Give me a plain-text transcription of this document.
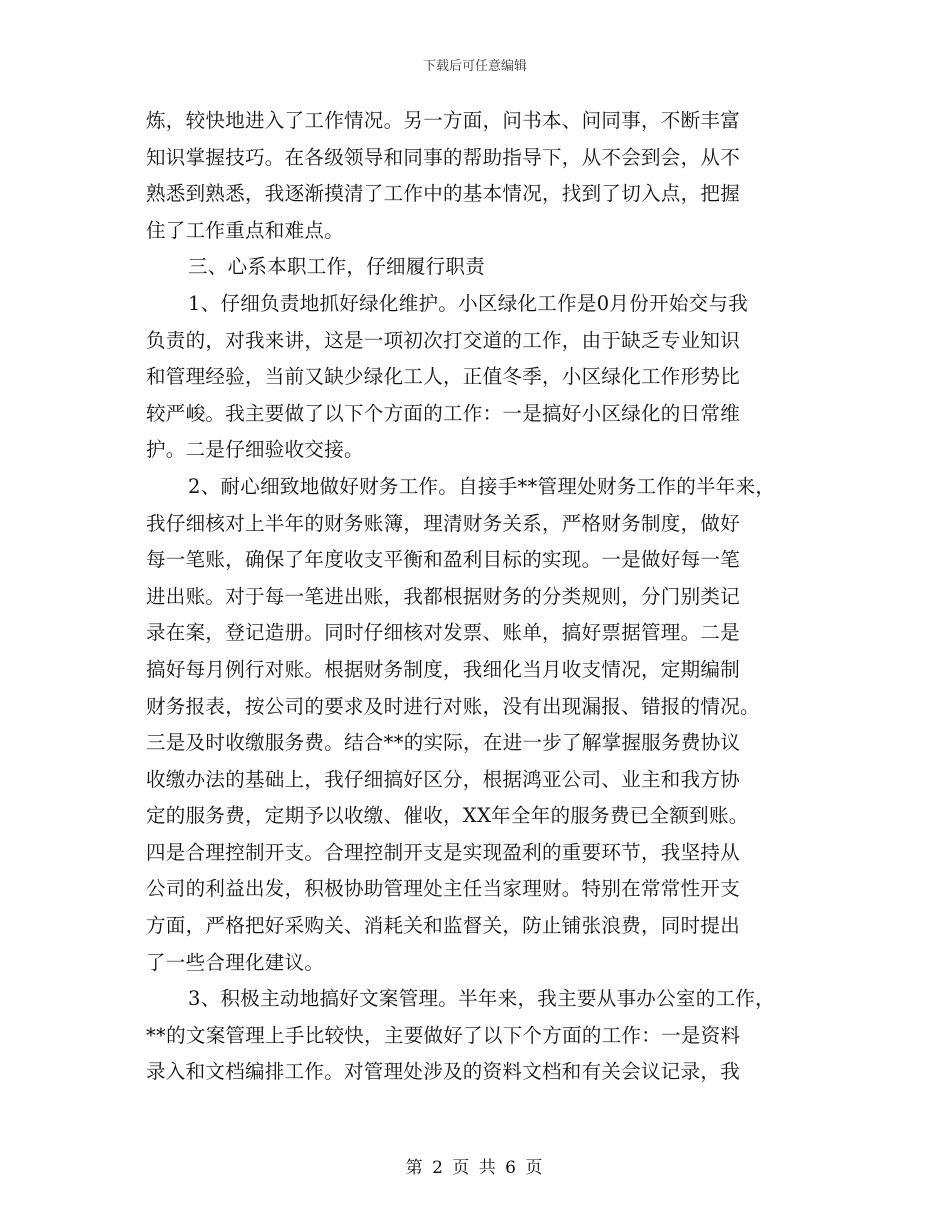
下载后可任意编辑
炼，较快地进入了工作情况。另一方面，问书本、问同事，不断丰富
知识掌握技巧。在各级领导和同事的帮助指导下，从不会到会，从不
熟悉到熟悉，我逐渐摸清了工作中的基本情况，找到了切入点，把握
住了工作重点和难点。
三、心系本职工作，仔细履行职责
1、仔细负责地抓好绿化维护。小区绿化工作是0月份开始交与我
负责的，对我来讲，这是一项初次打交道的工作，由于缺乏专业知识
和管理经验，当前又缺少绿化工人，正值冬季，小区绿化工作形势比
较严峻。我主要做了以下个方面的工作：一是搞好小区绿化的日常维
护。二是仔细验收交接。
2、耐心细致地做好财务工作。自接手**管理处财务工作的半年来，
我仔细核对上半年的财务账簿，理清财务关系，严格财务制度，做好
每一笔账，确保了年度收支平衡和盈利目标的实现。一是做好每一笔
进出账。对于每一笔进出账，我都根据财务的分类规则，分门别类记
录在案，登记造册。同时仔细核对发票、账单，搞好票据管理。二是
搞好每月例行对账。根据财务制度，我细化当月收支情况，定期编制
财务报表，按公司的要求及时进行对账，没有出现漏报、错报的情况。
三是及时收缴服务费。结合**的实际，在进一步了解掌握服务费协议
收缴办法的基础上，我仔细搞好区分，根据鸿亚公司、业主和我方协
定的服务费，定期予以收缴、催收，XX年全年的服务费已全额到账。
四是合理控制开支。合理控制开支是实现盈利的重要环节，我坚持从
公司的利益出发，积极协助管理处主任当家理财。特别在常常性开支
方面，严格把好采购关、消耗关和监督关，防止铺张浪费，同时提出
了一些合理化建议。
3、积极主动地搞好文案管理。半年来，我主要从事办公室的工作，
**的文案管理上手比较快，主要做好了以下个方面的工作：一是资料
录入和文档编排工作。对管理处涉及的资料文档和有关会议记录，我
第 2 页 共 6 页
